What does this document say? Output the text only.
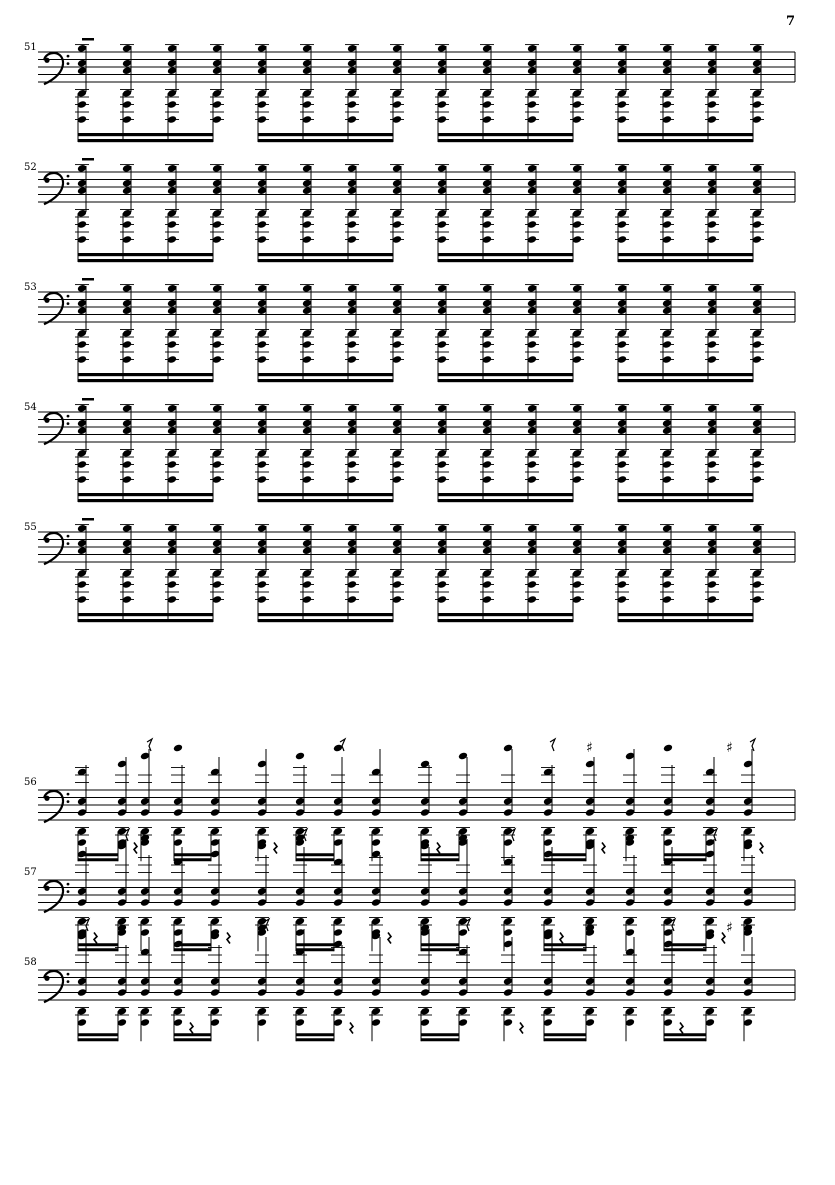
7
51
52
53
54
55
56
♯	♯
57
58
♯	♯
